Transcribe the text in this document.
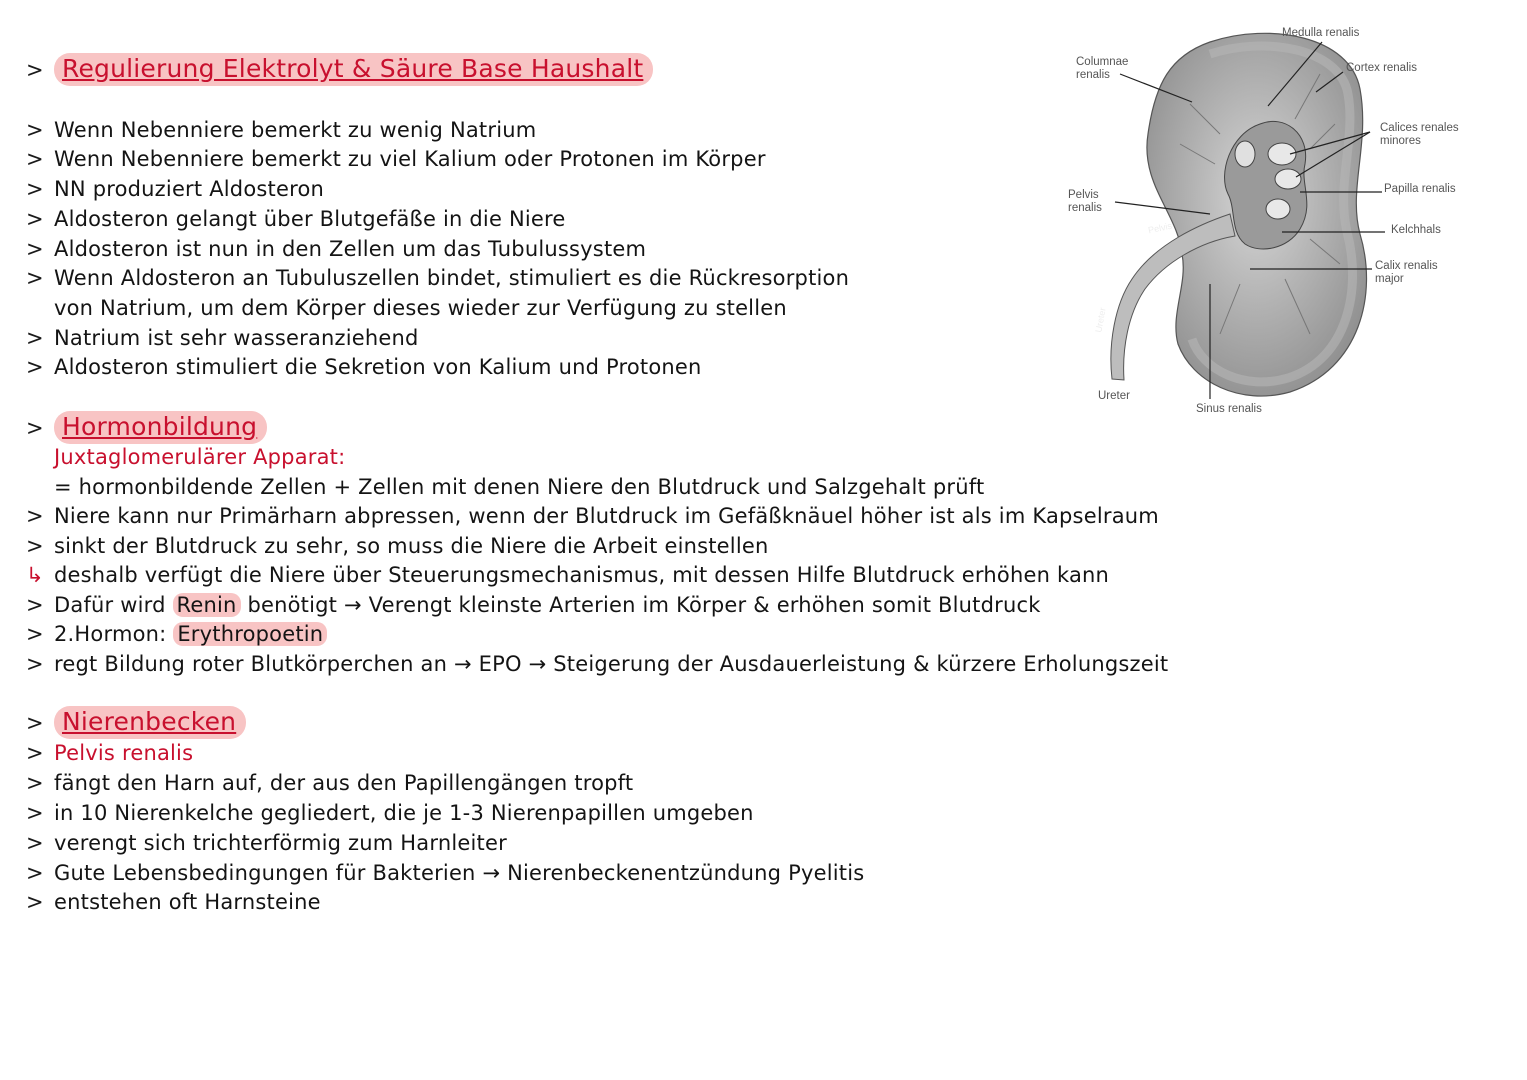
> Regulierung Elektrolyt & Säure Base Haushalt
> Wenn Nebenniere bemerkt zu wenig Natrium
> Wenn Nebenniere bemerkt zu viel Kalium oder Protonen im Körper
> NN produziert Aldosteron
> Aldosteron gelangt über Blutgefäße in die Niere
> Aldosteron ist nun in den Zellen um das Tubulussystem
> Wenn Aldosteron an Tubuluszellen bindet, stimuliert es die Rückresorption
von Natrium, um dem Körper dieses wieder zur Verfügung zu stellen
> Natrium ist sehr wasseranziehend
> Aldosteron stimuliert die Sekretion von Kalium und Protonen
> Hormonbildung
Juxtaglomerulärer Apparat:
= hormonbildende Zellen + Zellen mit denen Niere den Blutdruck und Salzgehalt prüft
> Niere kann nur Primärharn abpressen, wenn der Blutdruck im Gefäßknäuel höher ist als im Kapselraum
> sinkt der Blutdruck zu sehr, so muss die Niere die Arbeit einstellen
↳ deshalb verfügt die Niere über Steuerungsmechanismus, mit dessen Hilfe Blutdruck erhöhen kann
> Dafür wird Renin benötigt → Verengt kleinste Arterien im Körper & erhöhen somit Blutdruck
> 2.Hormon: Erythropoetin
> regt Bildung roter Blutkörperchen an → EPO → Steigerung der Ausdauerleistung & kürzere Erholungszeit
> Nierenbecken
> Pelvis renalis
> fängt den Harn auf, der aus den Papillengängen tropft
> in 10 Nierenkelche gegliedert, die je 1-3 Nierenpapillen umgeben
> verengt sich trichterförmig zum Harnleiter
> Gute Lebensbedingungen für Bakterien → Nierenbeckenentzündung Pyelitis
> entstehen oft Harnsteine
Medulla renalis
Columnae
renalis
Cortex renalis
Calices renales
minores
Papilla renalis
Pelvis
renalis
Kelchhals
Calix renalis
major
Ureter
Sinus renalis
Pelvis
Ureter
